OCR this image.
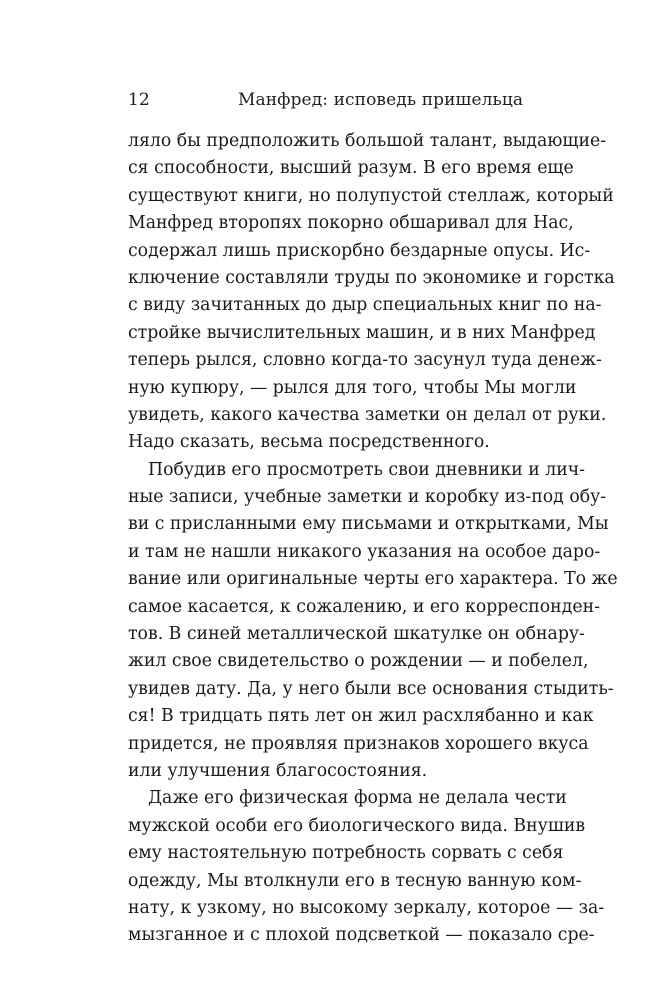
12	Манфред: исповедь пришельца
ляло бы предположить большой талант, выдающие-
ся способности, высший разум. В его время еще
существуют книги, но полупустой стеллаж, который
Манфред второпях покорно обшаривал для Нас,
содержал лишь прискорбно бездарные опусы. Ис-
ключение составляли труды по экономике и горстка
с виду зачитанных до дыр специальных книг по на-
стройке вычислительных машин, и в них Манфред
теперь рылся, словно когда-то засунул туда денеж-
ную купюру, — рылся для того, чтобы Мы могли
увидеть, какого качества заметки он делал от руки.
Надо сказать, весьма посредственного.
Побудив его просмотреть свои дневники и лич-
ные записи, учебные заметки и коробку из-под обу-
ви с присланными ему письмами и открытками, Мы
и там не нашли никакого указания на особое даро-
вание или оригинальные черты его характера. То же
самое касается, к сожалению, и его корреспонден-
тов. В синей металлической шкатулке он обнару-
жил свое свидетельство о рождении — и побелел,
увидев дату. Да, у него были все основания стыдить-
ся! В тридцать пять лет он жил расхлябанно и как
придется, не проявляя признаков хорошего вкуса
или улучшения благосостояния.
Даже его физическая форма не делала чести
мужской особи его биологического вида. Внушив
ему настоятельную потребность сорвать с себя
одежду, Мы втолкнули его в тесную ванную ком-
нату, к узкому, но высокому зеркалу, которое — за-
мызганное и с плохой подсветкой — показало сре-
